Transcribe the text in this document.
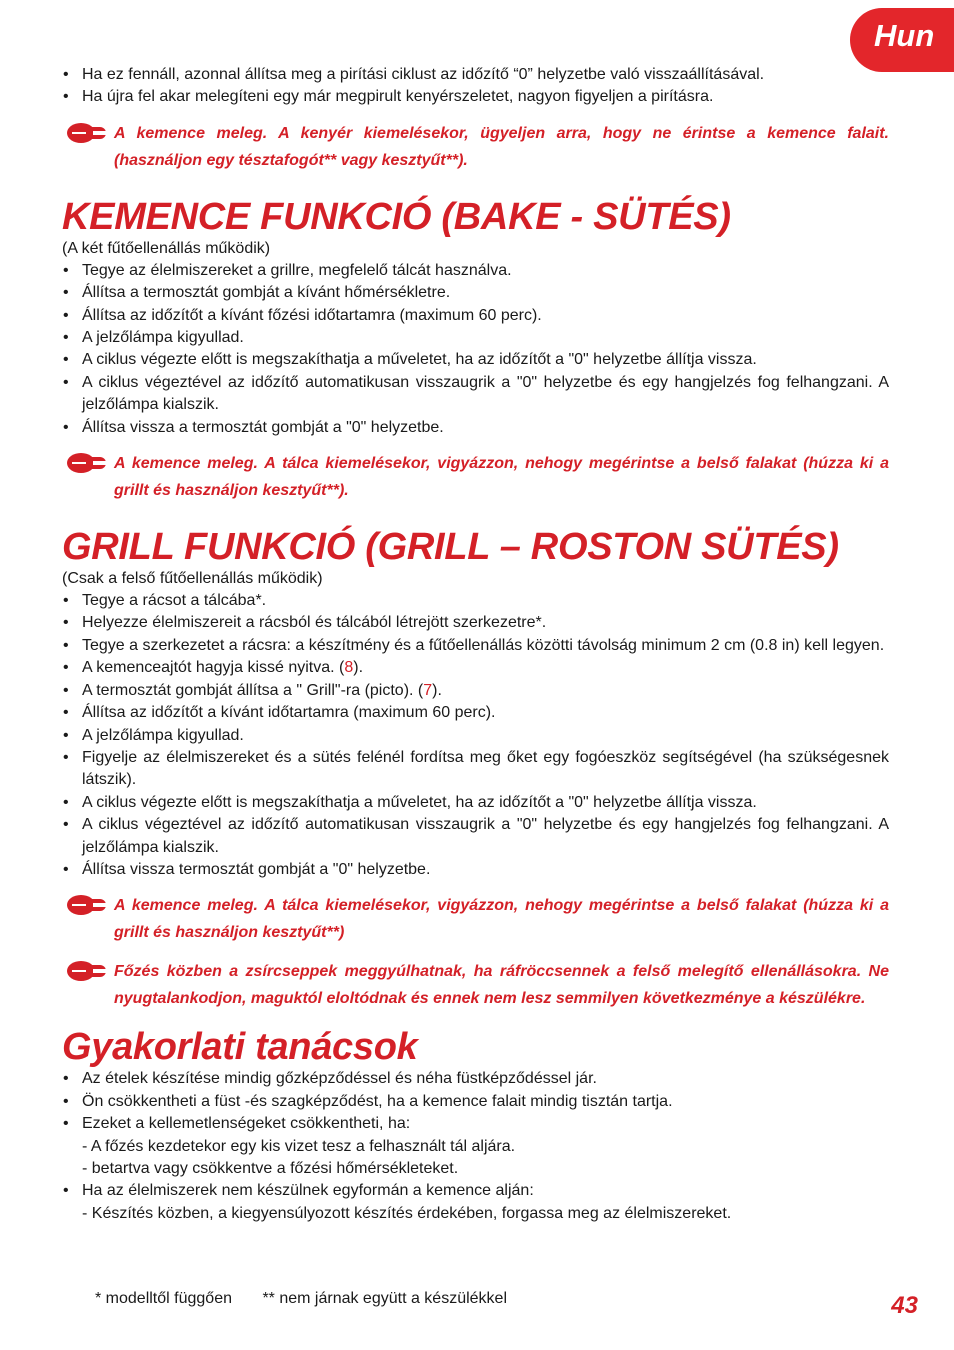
Hun
• Ha ez fennáll, azonnal állítsa meg a pirítási ciklust az időzítő “0” helyzetbe való visszaállításával.
• Ha újra fel akar melegíteni egy már megpirult kenyérszeletet, nagyon figyeljen a pirításra.

A kemence meleg. A kenyér kiemelésekor, ügyeljen arra, hogy ne érintse a kemence falait. (használjon egy tésztafogót** vagy kesztyűt**).

KEMENCE FUNKCIÓ (BAKE - SÜTÉS)

(A két fűtőellenállás működik)

• Tegye az élelmiszereket a grillre, megfelelő tálcát használva.
• Állítsa a termosztát gombját a kívánt hőmérsékletre.
• Állítsa az időzítőt a kívánt főzési időtartamra (maximum 60 perc).
• A jelzőlámpa kigyullad.
• A ciklus végezte előtt is megszakíthatja a műveletet, ha az időzítőt a "0" helyzetbe állítja vissza.
• A ciklus végeztével az időzítő automatikusan visszaugrik a "0" helyzetbe és egy hangjelzés fog felhangzani. A jelzőlámpa kialszik.
• Állítsa vissza a termosztát gombját a "0" helyzetbe.

A kemence meleg. A tálca kiemelésekor, vigyázzon, nehogy megérintse a belső falakat (húzza ki a grillt és használjon kesztyűt**).

GRILL FUNKCIÓ (GRILL – ROSTON SÜTÉS)

(Csak a felső fűtőellenállás működik)

• Tegye a rácsot a tálcába*.
• Helyezze élelmiszereit a rácsból és tálcából létrejött szerkezetre*.
• Tegye a szerkezetet a rácsra: a készítmény és a fűtőellenállás közötti távolság minimum 2 cm (0.8 in) kell legyen.
• A kemenceajtót hagyja kissé nyitva. (8).
• A termosztát gombját állítsa a " Grill"-ra (picto). (7).
• Állítsa az időzítőt a kívánt időtartamra (maximum 60 perc).
• A jelzőlámpa kigyullad.
• Figyelje az élelmiszereket és a sütés felénél fordítsa meg őket egy fogóeszköz segítségével (ha szükségesnek látszik).
• A ciklus végezte előtt is megszakíthatja a műveletet, ha az időzítőt a "0" helyzetbe állítja vissza.
• A ciklus végeztével az időzítő automatikusan visszaugrik a "0" helyzetbe és egy hangjelzés fog felhangzani. A jelzőlámpa kialszik.
• Állítsa vissza termosztát gombját a "0" helyzetbe.

A kemence meleg. A tálca kiemelésekor, vigyázzon, nehogy megérintse a belső falakat (húzza ki a grillt és használjon kesztyűt**)

Főzés közben a zsírcseppek meggyúlhatnak, ha ráfröccsennek a felső melegítő ellenállásokra. Ne nyugtalankodjon, maguktól eloltódnak és ennek nem lesz semmilyen következménye a készülékre.

Gyakorlati tanácsok
• Az ételek készítése mindig gőzképződéssel és néha füstképződéssel jár.
• Ön csökkentheti a füst -és szagképződést, ha a kemence falait mindig tisztán tartja.
• Ezeket a kellemetlenségeket csökkentheti, ha:
- A főzés kezdetekor egy kis vizet tesz a felhasznált tál aljára.
- betartva vagy csökkentve a főzési hőmérsékleteket.
• Ha az élelmiszerek nem készülnek egyformán a kemence alján:
- Készítés közben, a kiegyensúlyozott készítés érdekében, forgassa meg az élelmiszereket.
* modelltől függően ** nem járnak együtt a készülékkel	43
